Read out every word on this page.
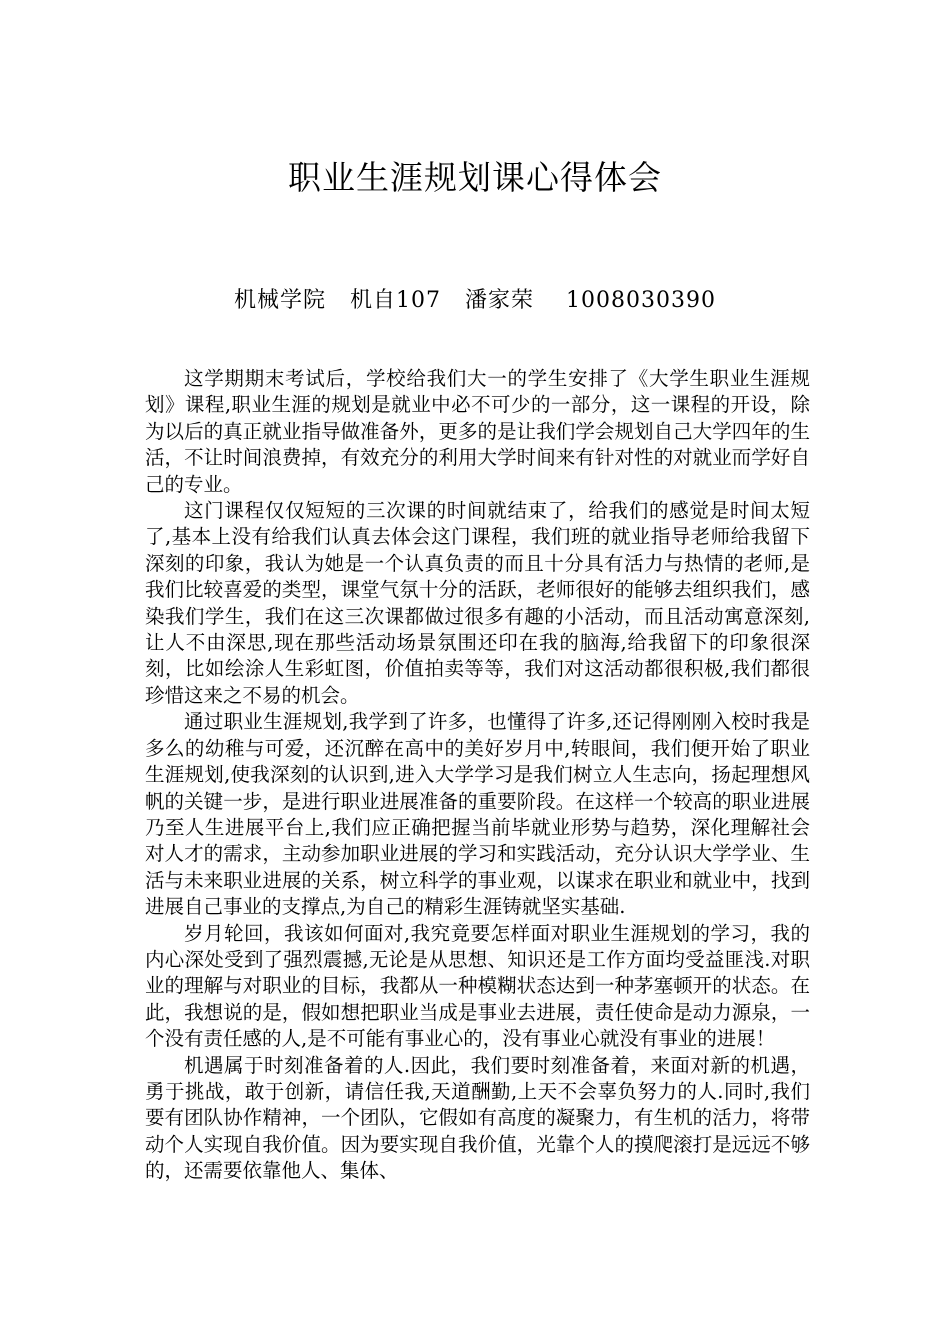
职业生涯规划课心得体会
机械学院   机自107   潘家荣    1008030390

这学期期末考试后，学校给我们大一的学生安排了《大学生职业生涯规划》课程,职业生涯的规划是就业中必不可少的一部分，这一课程的开设，除为以后的真正就业指导做准备外，更多的是让我们学会规划自己大学四年的生活，不让时间浪费掉，有效充分的利用大学时间来有针对性的对就业而学好自己的专业。

这门课程仅仅短短的三次课的时间就结束了，给我们的感觉是时间太短了,基本上没有给我们认真去体会这门课程，我们班的就业指导老师给我留下深刻的印象，我认为她是一个认真负责的而且十分具有活力与热情的老师,是我们比较喜爱的类型，课堂气氛十分的活跃，老师很好的能够去组织我们，感染我们学生，我们在这三次课都做过很多有趣的小活动，而且活动寓意深刻,让人不由深思,现在那些活动场景氛围还印在我的脑海,给我留下的印象很深刻，比如绘涂人生彩虹图，价值拍卖等等，我们对这活动都很积极,我们都很珍惜这来之不易的机会。

通过职业生涯规划,我学到了许多，也懂得了许多,还记得刚刚入校时我是多么的幼稚与可爱，还沉醉在高中的美好岁月中,转眼间，我们便开始了职业生涯规划,使我深刻的认识到,进入大学学习是我们树立人生志向，扬起理想风帆的关键一步，是进行职业进展准备的重要阶段。在这样一个较高的职业进展乃至人生进展平台上,我们应正确把握当前毕就业形势与趋势，深化理解社会对人才的需求，主动参加职业进展的学习和实践活动，充分认识大学学业、生活与未来职业进展的关系，树立科学的事业观，以谋求在职业和就业中，找到进展自己事业的支撑点,为自己的精彩生涯铸就坚实基础.

岁月轮回，我该如何面对,我究竟要怎样面对职业生涯规划的学习，我的内心深处受到了强烈震撼,无论是从思想、知识还是工作方面均受益匪浅.对职业的理解与对职业的目标，我都从一种模糊状态达到一种茅塞顿开的状态。在此，我想说的是，假如想把职业当成是事业去进展，责任使命是动力源泉，一个没有责任感的人,是不可能有事业心的，没有事业心就没有事业的进展！

机遇属于时刻准备着的人.因此，我们要时刻准备着，来面对新的机遇，勇于挑战，敢于创新，请信任我,天道酬勤,上天不会辜负努力的人.同时,我们要有团队协作精神，一个团队，它假如有高度的凝聚力，有生机的活力，将带动个人实现自我价值。因为要实现自我价值，光靠个人的摸爬滚打是远远不够的，还需要依靠他人、集体、
